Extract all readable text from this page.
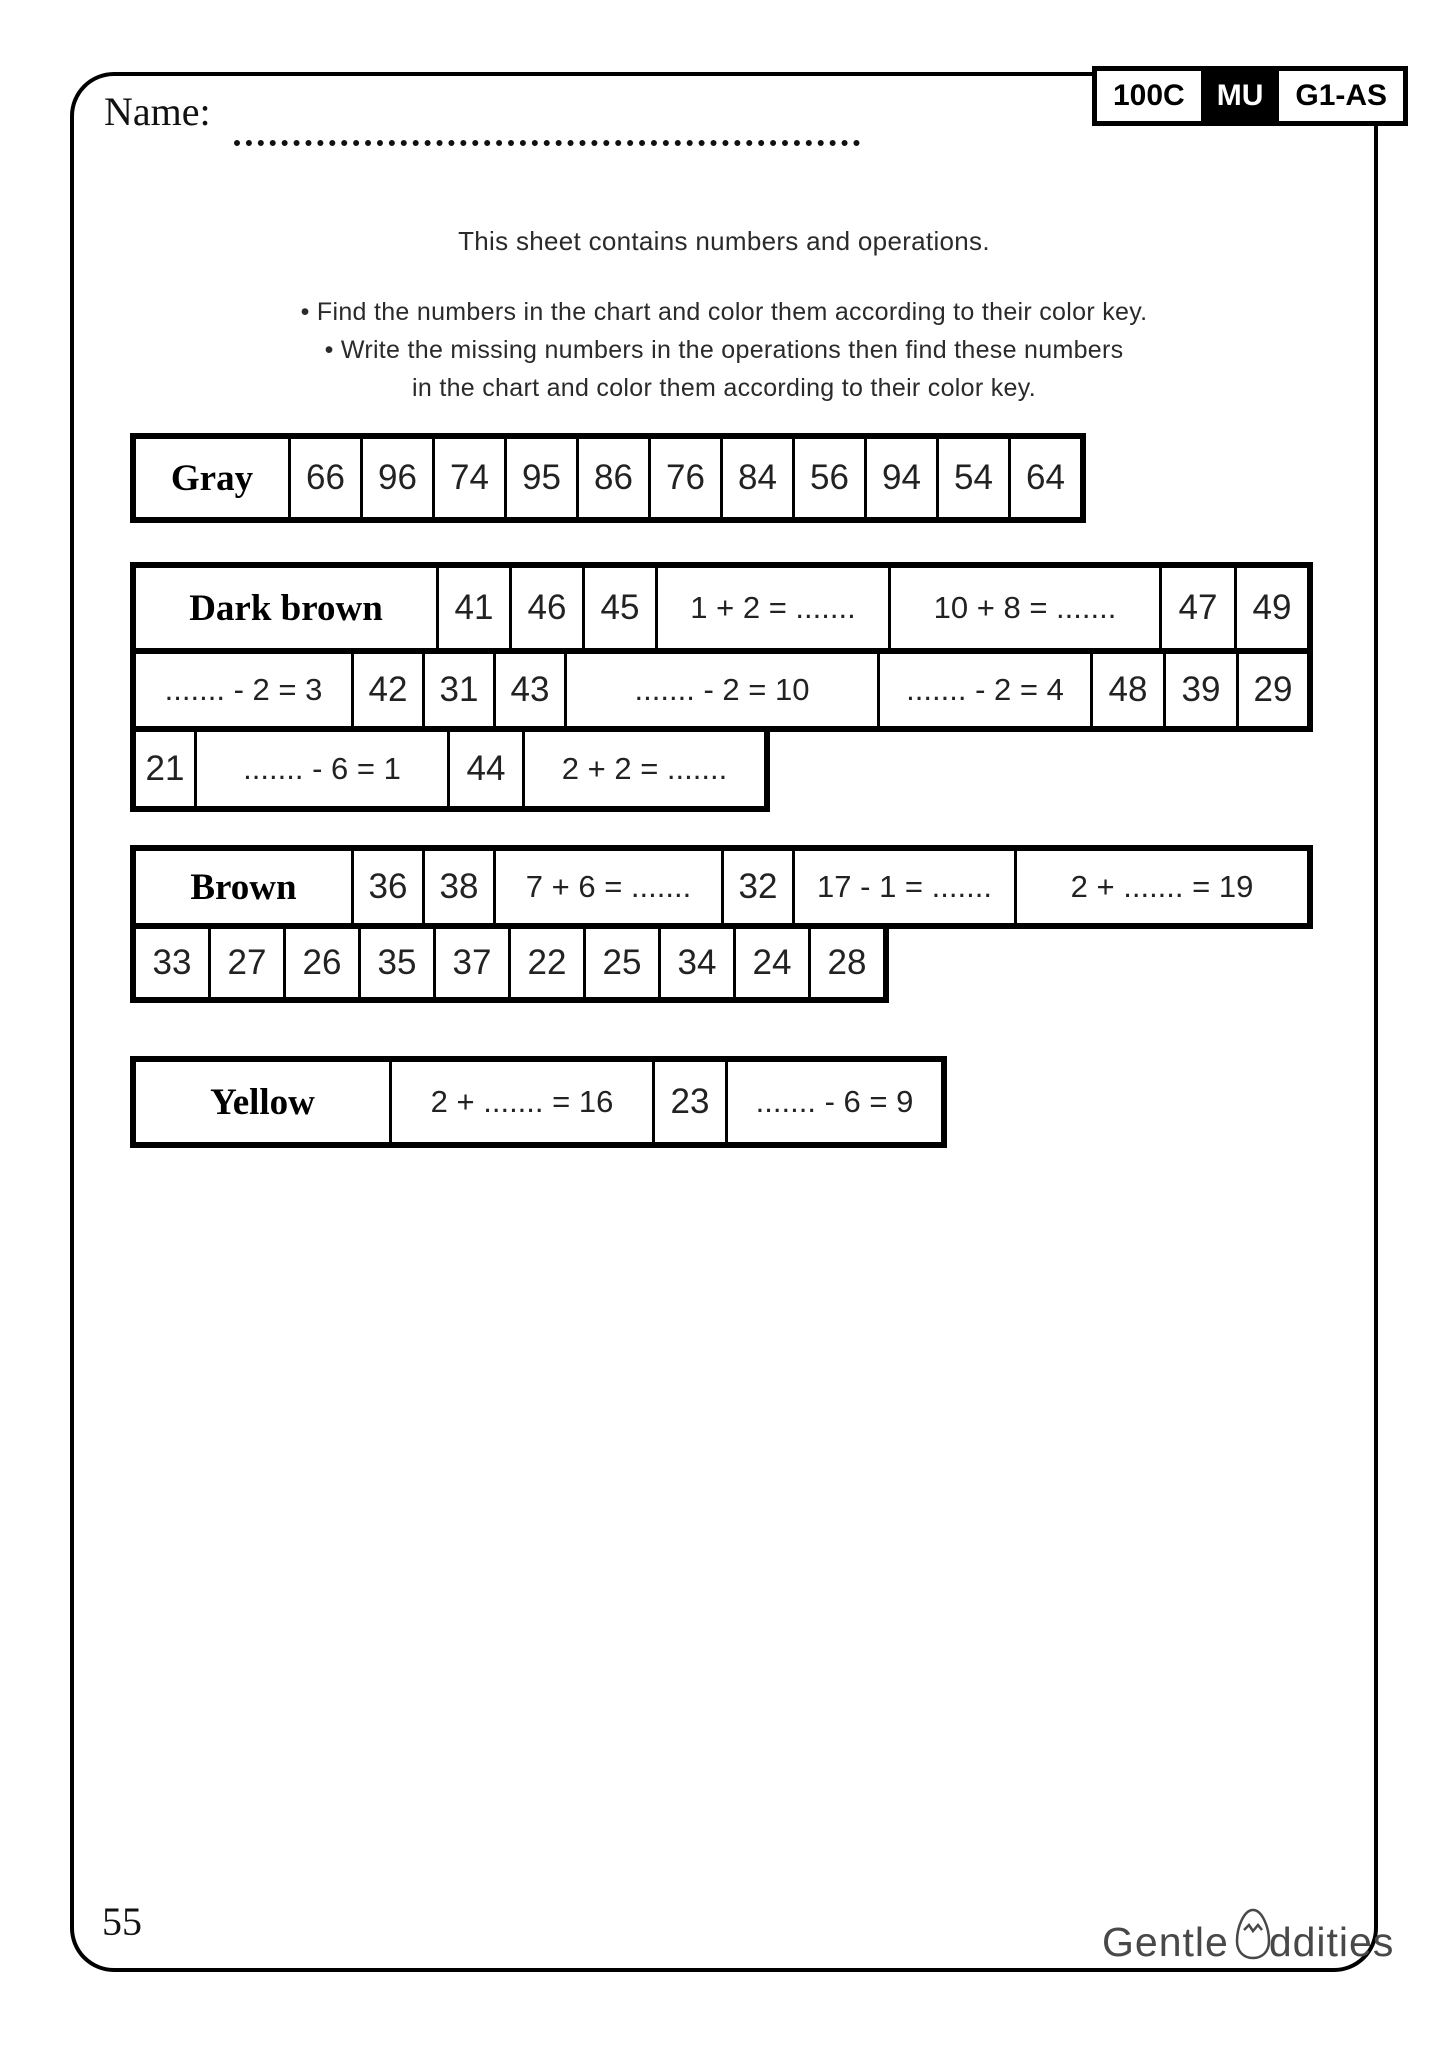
100C	MU	G1-AS
Name:
This sheet contains numbers and operations.
• Find the numbers in the chart and color them according to their color key.
• Write the missing numbers in the operations then find these numbers
in the chart and color them according to their color key.
Gray	66 96 74 95 86 76 84 56 94 54 64
Dark brown	41 46 45	1 + 2 = .......	10 + 8 = .......	47	49
....... - 2 = 3	42 31 43	....... - 2 = 10	....... - 2 = 4	48 39 29
21	....... - 6 = 1	44	2 + 2 = .......
Brown	36 38	7 + 6 = .......	32	17 - 1 = .......	2 + ....... = 19
33	27	26	35	37	22	25	34	24	28
Yellow	2 + ....... = 16	23	....... - 6 = 9
55	Gentle ddities
